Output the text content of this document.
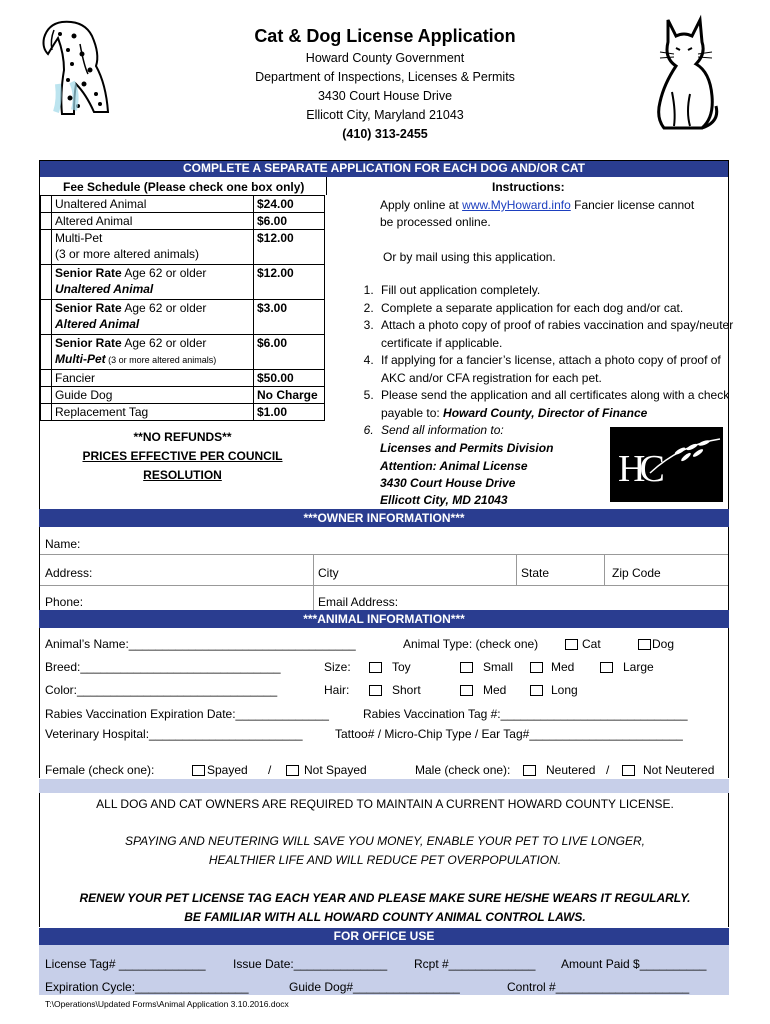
Cat & Dog License Application
Howard County Government
Department of Inspections, Licenses & Permits
3430 Court House Drive
Ellicott City, Maryland 21043
(410) 313-2455
COMPLETE A SEPARATE APPLICATION FOR EACH DOG AND/OR CAT
Fee Schedule (Please check one box only)	Instructions:
	Unaltered Animal	$24.00
	Altered Animal	$6.00

	Multi-Pet
(3 or more altered animals)	$12.00

	Senior Rate Age 62 or older
Unaltered Animal	$12.00

	Senior Rate Age 62 or older
Altered Animal	$3.00

	Senior Rate Age 62 or older
Multi-Pet (3 or more altered animals)	$6.00
	Fancier	$50.00
	Guide Dog	No Charge
	Replacement Tag	$1.00
**NO REFUNDS**
PRICES EFFECTIVE PER COUNCIL
RESOLUTION
Apply online at www.MyHoward.info Fancier license cannot
be processed online.
Or by mail using this application.
1. Fill out application completely.
2. Complete a separate application for each dog and/or cat.
3. Attach a photo copy of proof of rabies vaccination and spay/neuter certificate if applicable.
4. If applying for a fancier’s license, attach a photo copy of proof of AKC and/or CFA registration for each pet.
5. Please send the application and all certificates along with a check payable to: Howard County, Director of Finance
6. Send all information to:
Licenses and Permits Division
Attention: Animal License
3430 Court House Drive
Ellicott City, MD 21043
HC
***OWNER INFORMATION***
Name:
Address:	City	State	Zip Code
Phone:	Email Address:
***ANIMAL INFORMATION***
Animal’s Name:__________________________________	Animal Type: (check one)	Cat	Dog
Breed:______________________________	Size:	Toy	Small	Med	Large
Color:______________________________	Hair:	Short	Med	Long
Rabies Vaccination Expiration Date:______________	Rabies Vaccination Tag #:____________________________
Veterinary Hospital:_______________________	Tattoo# / Micro-Chip Type / Ear Tag#_______________________
Female (check one):	Spayed /	Not Spayed	Male (check one):	Neutered /	Not Neutered
ALL DOG AND CAT OWNERS ARE REQUIRED TO MAINTAIN A CURRENT HOWARD COUNTY LICENSE.
SPAYING AND NEUTERING WILL SAVE YOU MONEY, ENABLE YOUR PET TO LIVE LONGER,
HEALTHIER LIFE AND WILL REDUCE PET OVERPOPULATION.
RENEW YOUR PET LICENSE TAG EACH YEAR AND PLEASE MAKE SURE HE/SHE WEARS IT REGULARLY.
BE FAMILIAR WITH ALL HOWARD COUNTY ANIMAL CONTROL LAWS.
FOR OFFICE USE
License Tag# _____________ Issue Date:______________ Rcpt #_____________ Amount Paid $__________
Expiration Cycle:_________________	Guide Dog#________________	Control #____________________
T:\Operations\Updated Forms\Animal Application 3.10.2016.docx
